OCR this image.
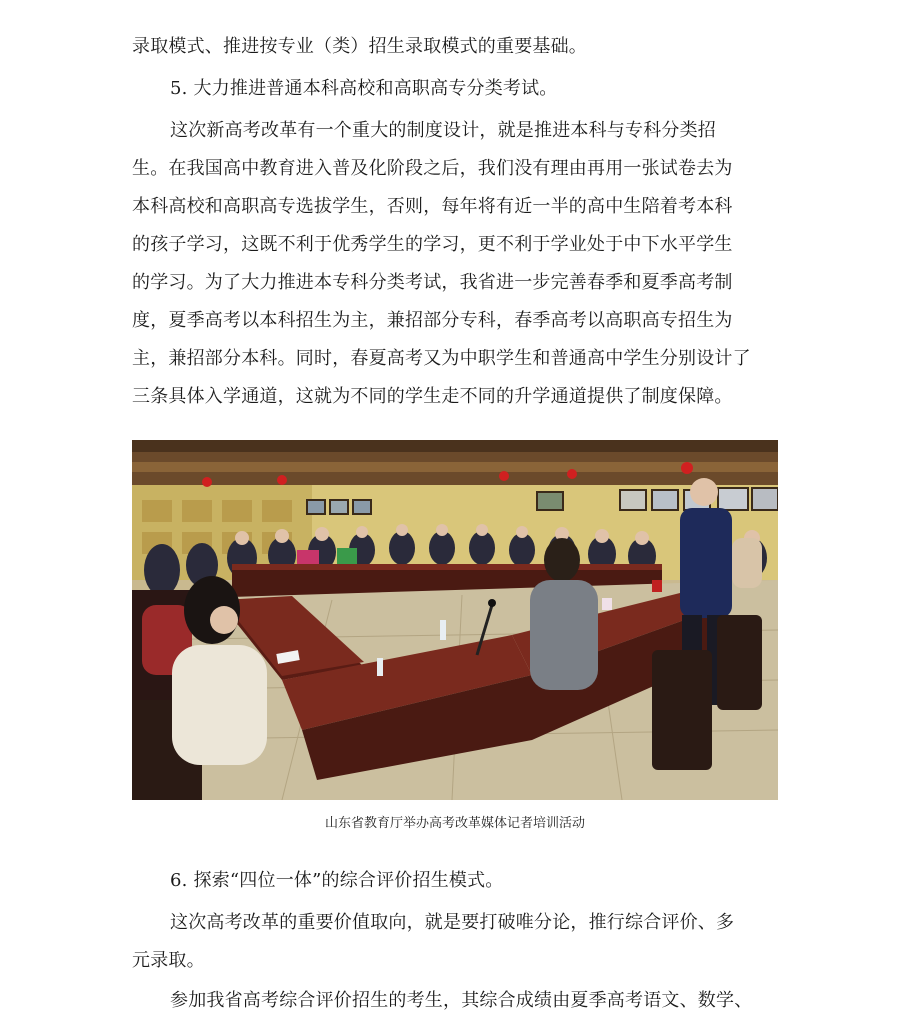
录取模式、推进按专业（类）招生录取模式的重要基础。
5. 大力推进普通本科高校和高职高专分类考试。
这次新高考改革有一个重大的制度设计，就是推进本科与专科分类招
生。在我国高中教育进入普及化阶段之后，我们没有理由再用一张试卷去为
本科高校和高职高专选拔学生，否则，每年将有近一半的高中生陪着考本科
的孩子学习，这既不利于优秀学生的学习，更不利于学业处于中下水平学生
的学习。为了大力推进本专科分类考试，我省进一步完善春季和夏季高考制
度，夏季高考以本科招生为主，兼招部分专科，春季高考以高职高专招生为
主，兼招部分本科。同时，春夏高考又为中职学生和普通高中学生分别设计了
三条具体入学通道，这就为不同的学生走不同的升学通道提供了制度保障。
山东省教育厅举办高考改革媒体记者培训活动
6. 探索“四位一体”的综合评价招生模式。
这次高考改革的重要价值取向，就是要打破唯分论，推行综合评价、多
元录取。
参加我省高考综合评价招生的考生，其综合成绩由夏季高考语文、数学、
